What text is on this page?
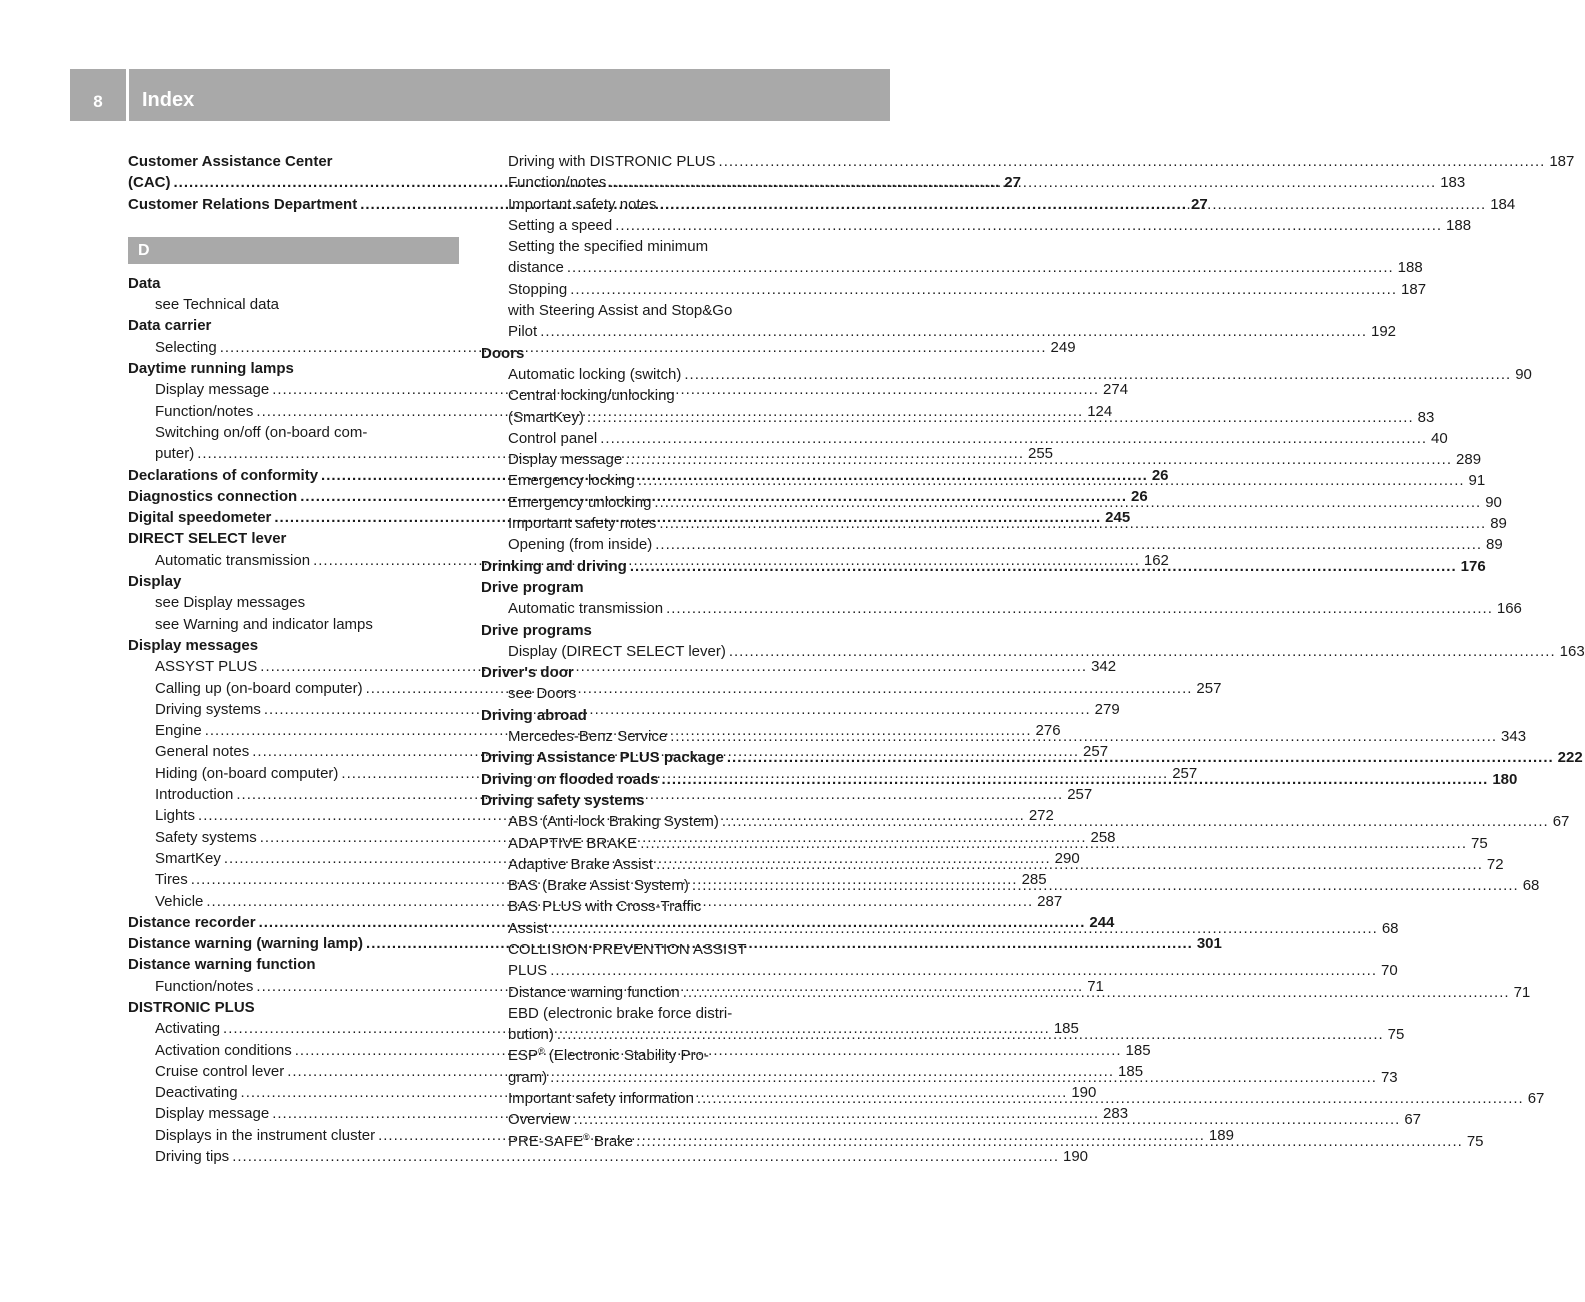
8	Index
Customer Assistance Center
(CAC) .....	27
Customer Relations Department .....	27
D
Data
see Technical data
Data carrier
Selecting .....	249
Daytime running lamps
Display message .....	274
Function/notes .....	124
Switching on/off (on-board com-
puter) .....	255
Declarations of conformity .....	26
Diagnostics connection .....	26
Digital speedometer .....	245
DIRECT SELECT lever
Automatic transmission .....	162
Display
see Display messages
see Warning and indicator lamps
Display messages
ASSYST PLUS .....	342
Calling up (on-board computer) .....	257
Driving systems .....	279
Engine .....	276
General notes .....	257
Hiding (on-board computer) .....	257
Introduction .....	257
Lights .....	272
Safety systems .....	258
SmartKey .....	290
Tires .....	285
Vehicle .....	287
Distance recorder .....	244
Distance warning (warning lamp) .....	301
Distance warning function
Function/notes .....	71
DISTRONIC PLUS
Activating .....	185
Activation conditions .....	185
Cruise control lever .....	185
Deactivating .....	190
Display message .....	283
Displays in the instrument cluster .....	189
Driving tips .....	190
Driving with DISTRONIC PLUS .....	187
Function/notes .....	183
Important safety notes .....	184
Setting a speed .....	188
Setting the specified minimum
distance .....	188
Stopping .....	187
with Steering Assist and Stop&Go
Pilot .....	192
Doors
Automatic locking (switch) .....	90
Central locking/unlocking
(SmartKey) .....	83
Control panel .....	40
Display message .....	289
Emergency locking .....	91
Emergency unlocking .....	90
Important safety notes .....	89
Opening (from inside) .....	89
Drinking and driving .....	176
Drive program
Automatic transmission .....	166
Drive programs
Display (DIRECT SELECT lever) .....	163
Driver's door
see Doors
Driving abroad
Mercedes-Benz Service .....	343
Driving Assistance PLUS package .....	222
Driving on flooded roads .....	180
Driving safety systems
ABS (Anti-lock Braking System) .....	67
ADAPTIVE BRAKE .....	75
Adaptive Brake Assist .....	72
BAS (Brake Assist System) .....	68
BAS PLUS with Cross-Traffic
Assist .....	68
COLLISION PREVENTION ASSIST
PLUS .....	70
Distance warning function .....	71
EBD (electronic brake force distri-
bution) .....	75
ESP® (Electronic Stability Pro-
gram) .....	73
Important safety information .....	67
Overview .....	67
PRE-SAFE® Brake .....	75
